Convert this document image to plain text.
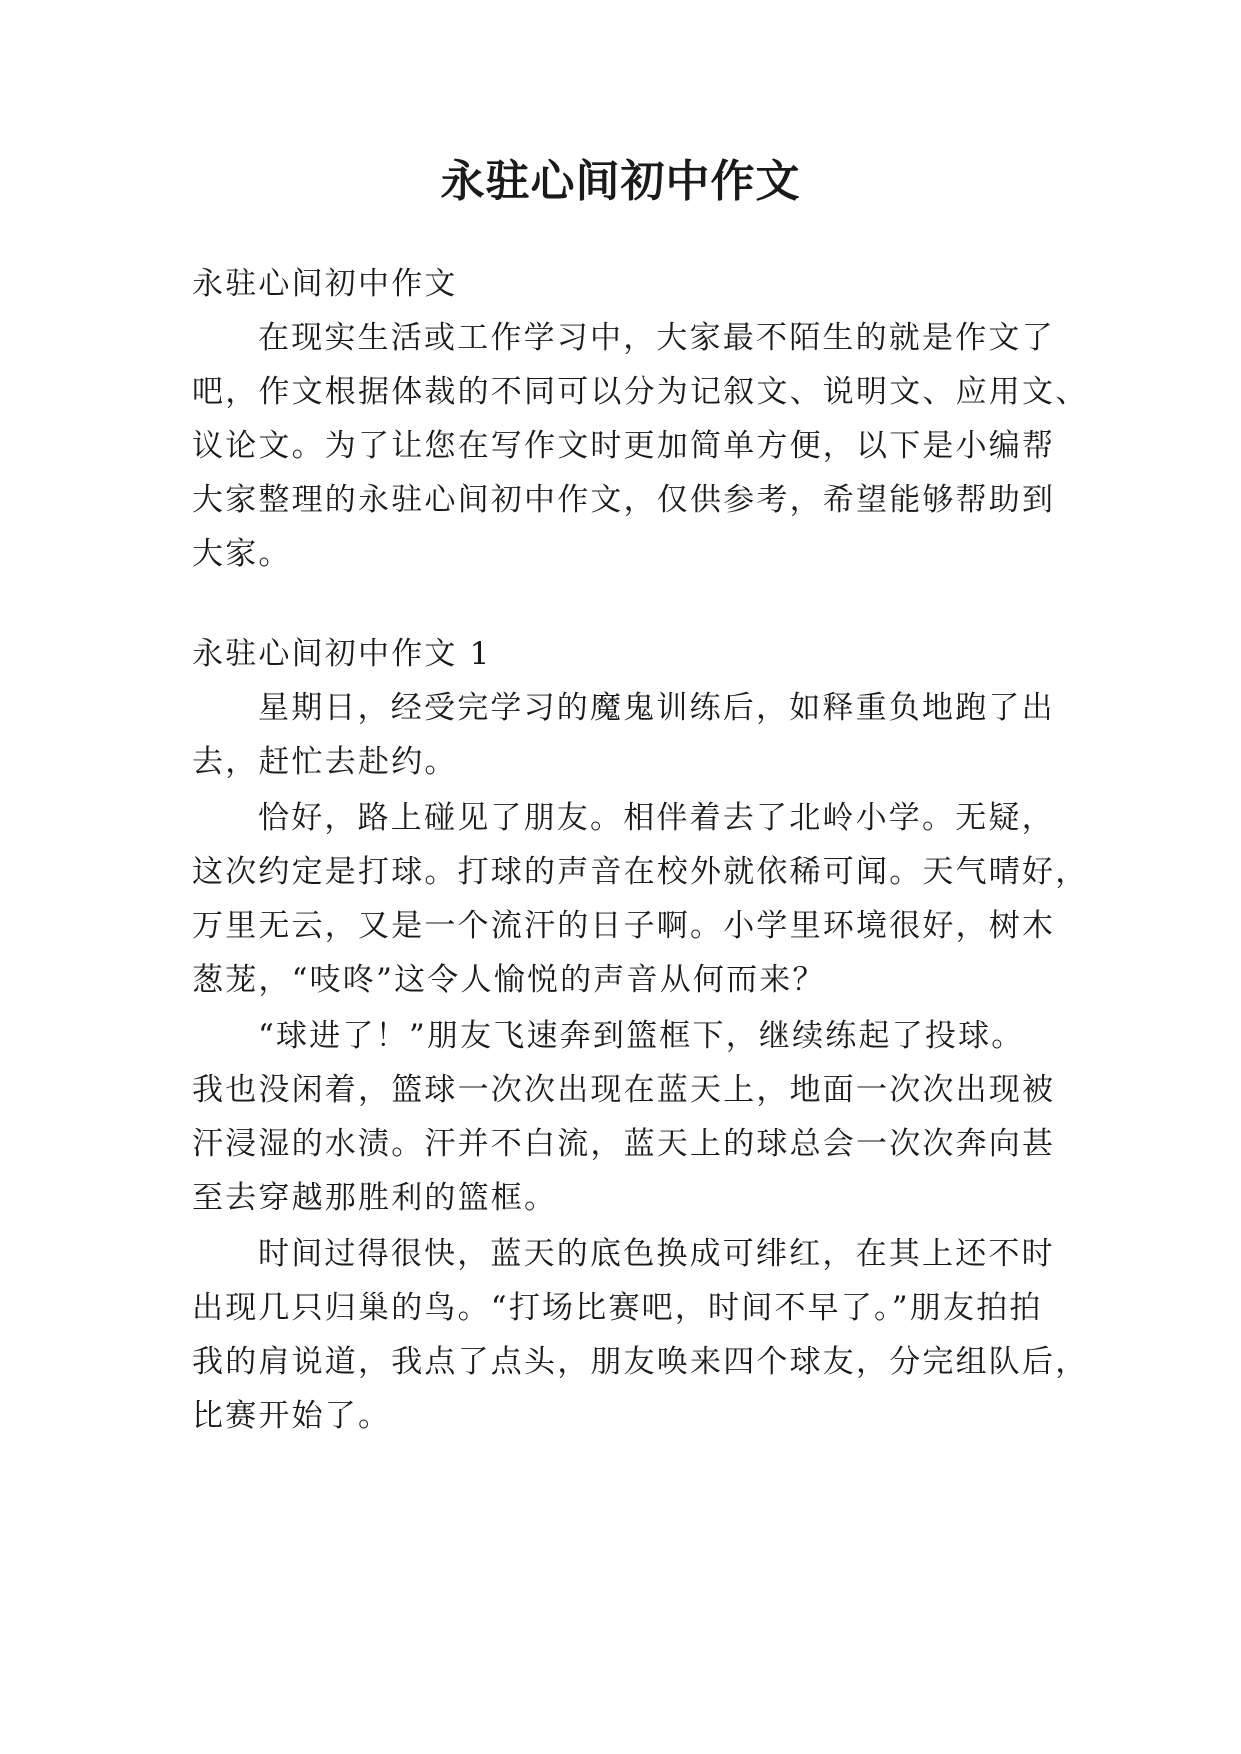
永驻心间初中作文

永驻心间初中作文

在现实生活或工作学习中，大家最不陌生的就是作文了

吧，作文根据体裁的不同可以分为记叙文、说明文、应用文、

议论文。为了让您在写作文时更加简单方便，以下是小编帮

大家整理的永驻心间初中作文，仅供参考，希望能够帮助到

大家。

永驻心间初中作文 1

星期日，经受完学习的魔鬼训练后，如释重负地跑了出

去，赶忙去赴约。

恰好，路上碰见了朋友。相伴着去了北岭小学。无疑，

这次约定是打球。打球的声音在校外就依稀可闻。天气晴好，

万里无云，又是一个流汗的日子啊。小学里环境很好，树木

葱茏，“吱咚”这令人愉悦的声音从何而来？

“球进了！”朋友飞速奔到篮框下，继续练起了投球。

我也没闲着，篮球一次次出现在蓝天上，地面一次次出现被

汗浸湿的水渍。汗并不白流，蓝天上的球总会一次次奔向甚

至去穿越那胜利的篮框。

时间过得很快，蓝天的底色换成可绯红，在其上还不时

出现几只归巢的鸟。“打场比赛吧，时间不早了。”朋友拍拍

我的肩说道，我点了点头，朋友唤来四个球友，分完组队后，

比赛开始了。
